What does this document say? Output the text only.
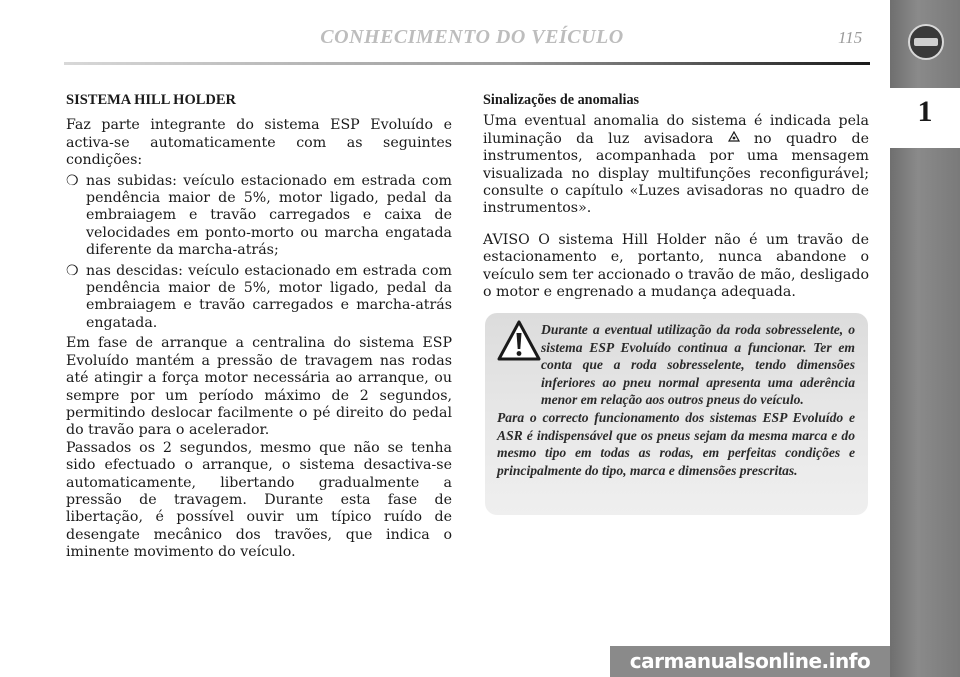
1
CONHECIMENTO DO VEÍCULO	115

SISTEMA HILL HOLDER

Faz parte integrante do sistema ESP Evoluído e activa-se automaticamente com as seguintes condições:

❍ nas subidas: veículo estacionado em estrada com pendência maior de 5%, motor ligado, pedal da embraiagem e travão carregados e caixa de velocidades em ponto-morto ou marcha engatada diferente da marcha-atrás;
❍ nas descidas: veículo estacionado em estrada com pendência maior de 5%, motor ligado, pedal da embraiagem e travão carregados e marcha-atrás engatada.

Em fase de arranque a centralina do sistema ESP Evoluído mantém a pressão de travagem nas rodas até atingir a força motor necessária ao arranque, ou sempre por um período máximo de 2 segundos, permitindo deslocar facilmente o pé direito do pedal do travão para o acelerador.

Passados os 2 segundos, mesmo que não se tenha sido efectuado o arranque, o sistema desactiva-se automaticamente, libertando gradualmente a pressão de travagem. Durante esta fase de libertação, é possível ouvir um típico ruído de desengate mecânico dos travões, que indica o iminente movimento do veículo.

Sinalizações de anomalias

Uma eventual anomalia do sistema é indicada pela iluminação da luz avisadora	no quadro de instrumentos, acompanhada por uma mensagem visualizada no display multifunções reconfigurável; consulte o capítulo «Luzes avisadoras no quadro de instrumentos».

AVISO O sistema Hill Holder não é um travão de estacionamento e, portanto, nunca abandone o veículo sem ter accionado o travão de mão, desligado o motor e engrenado a mudança adequada.

Durante a eventual utilização da roda sobresselente, o sistema ESP Evoluído continua a funcionar. Ter em conta que a roda sobresselente, tendo dimensões inferiores ao pneu normal apresenta uma aderência menor em relação aos outros pneus do veículo.

Para o correcto funcionamento dos sistemas ESP Evoluído e ASR é indispensável que os pneus sejam da mesma marca e do mesmo tipo em todas as rodas, em perfeitas condições e principalmente do tipo, marca e dimensões prescritas.

carmanualsonline.info
